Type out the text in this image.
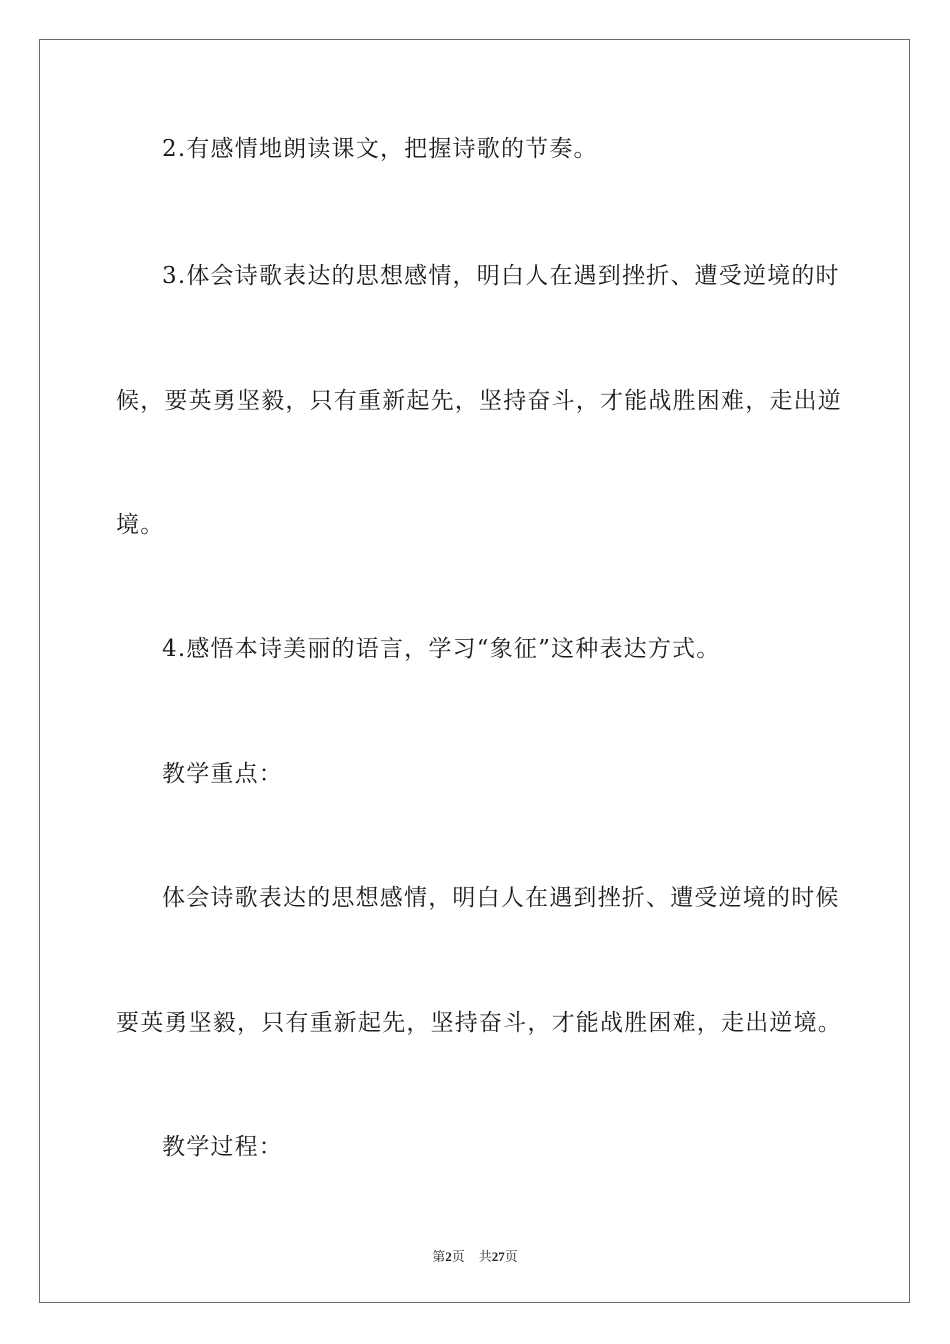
2.有感情地朗读课文，把握诗歌的节奏。
3.体会诗歌表达的思想感情，明白人在遇到挫折、遭受逆境的时
候，要英勇坚毅，只有重新起先，坚持奋斗，才能战胜困难，走出逆
境。
4.感悟本诗美丽的语言，学习“象征”这种表达方式。
教学重点：
体会诗歌表达的思想感情，明白人在遇到挫折、遭受逆境的时候
要英勇坚毅，只有重新起先，坚持奋斗，才能战胜困难，走出逆境。
教学过程：
第2页 共27页
